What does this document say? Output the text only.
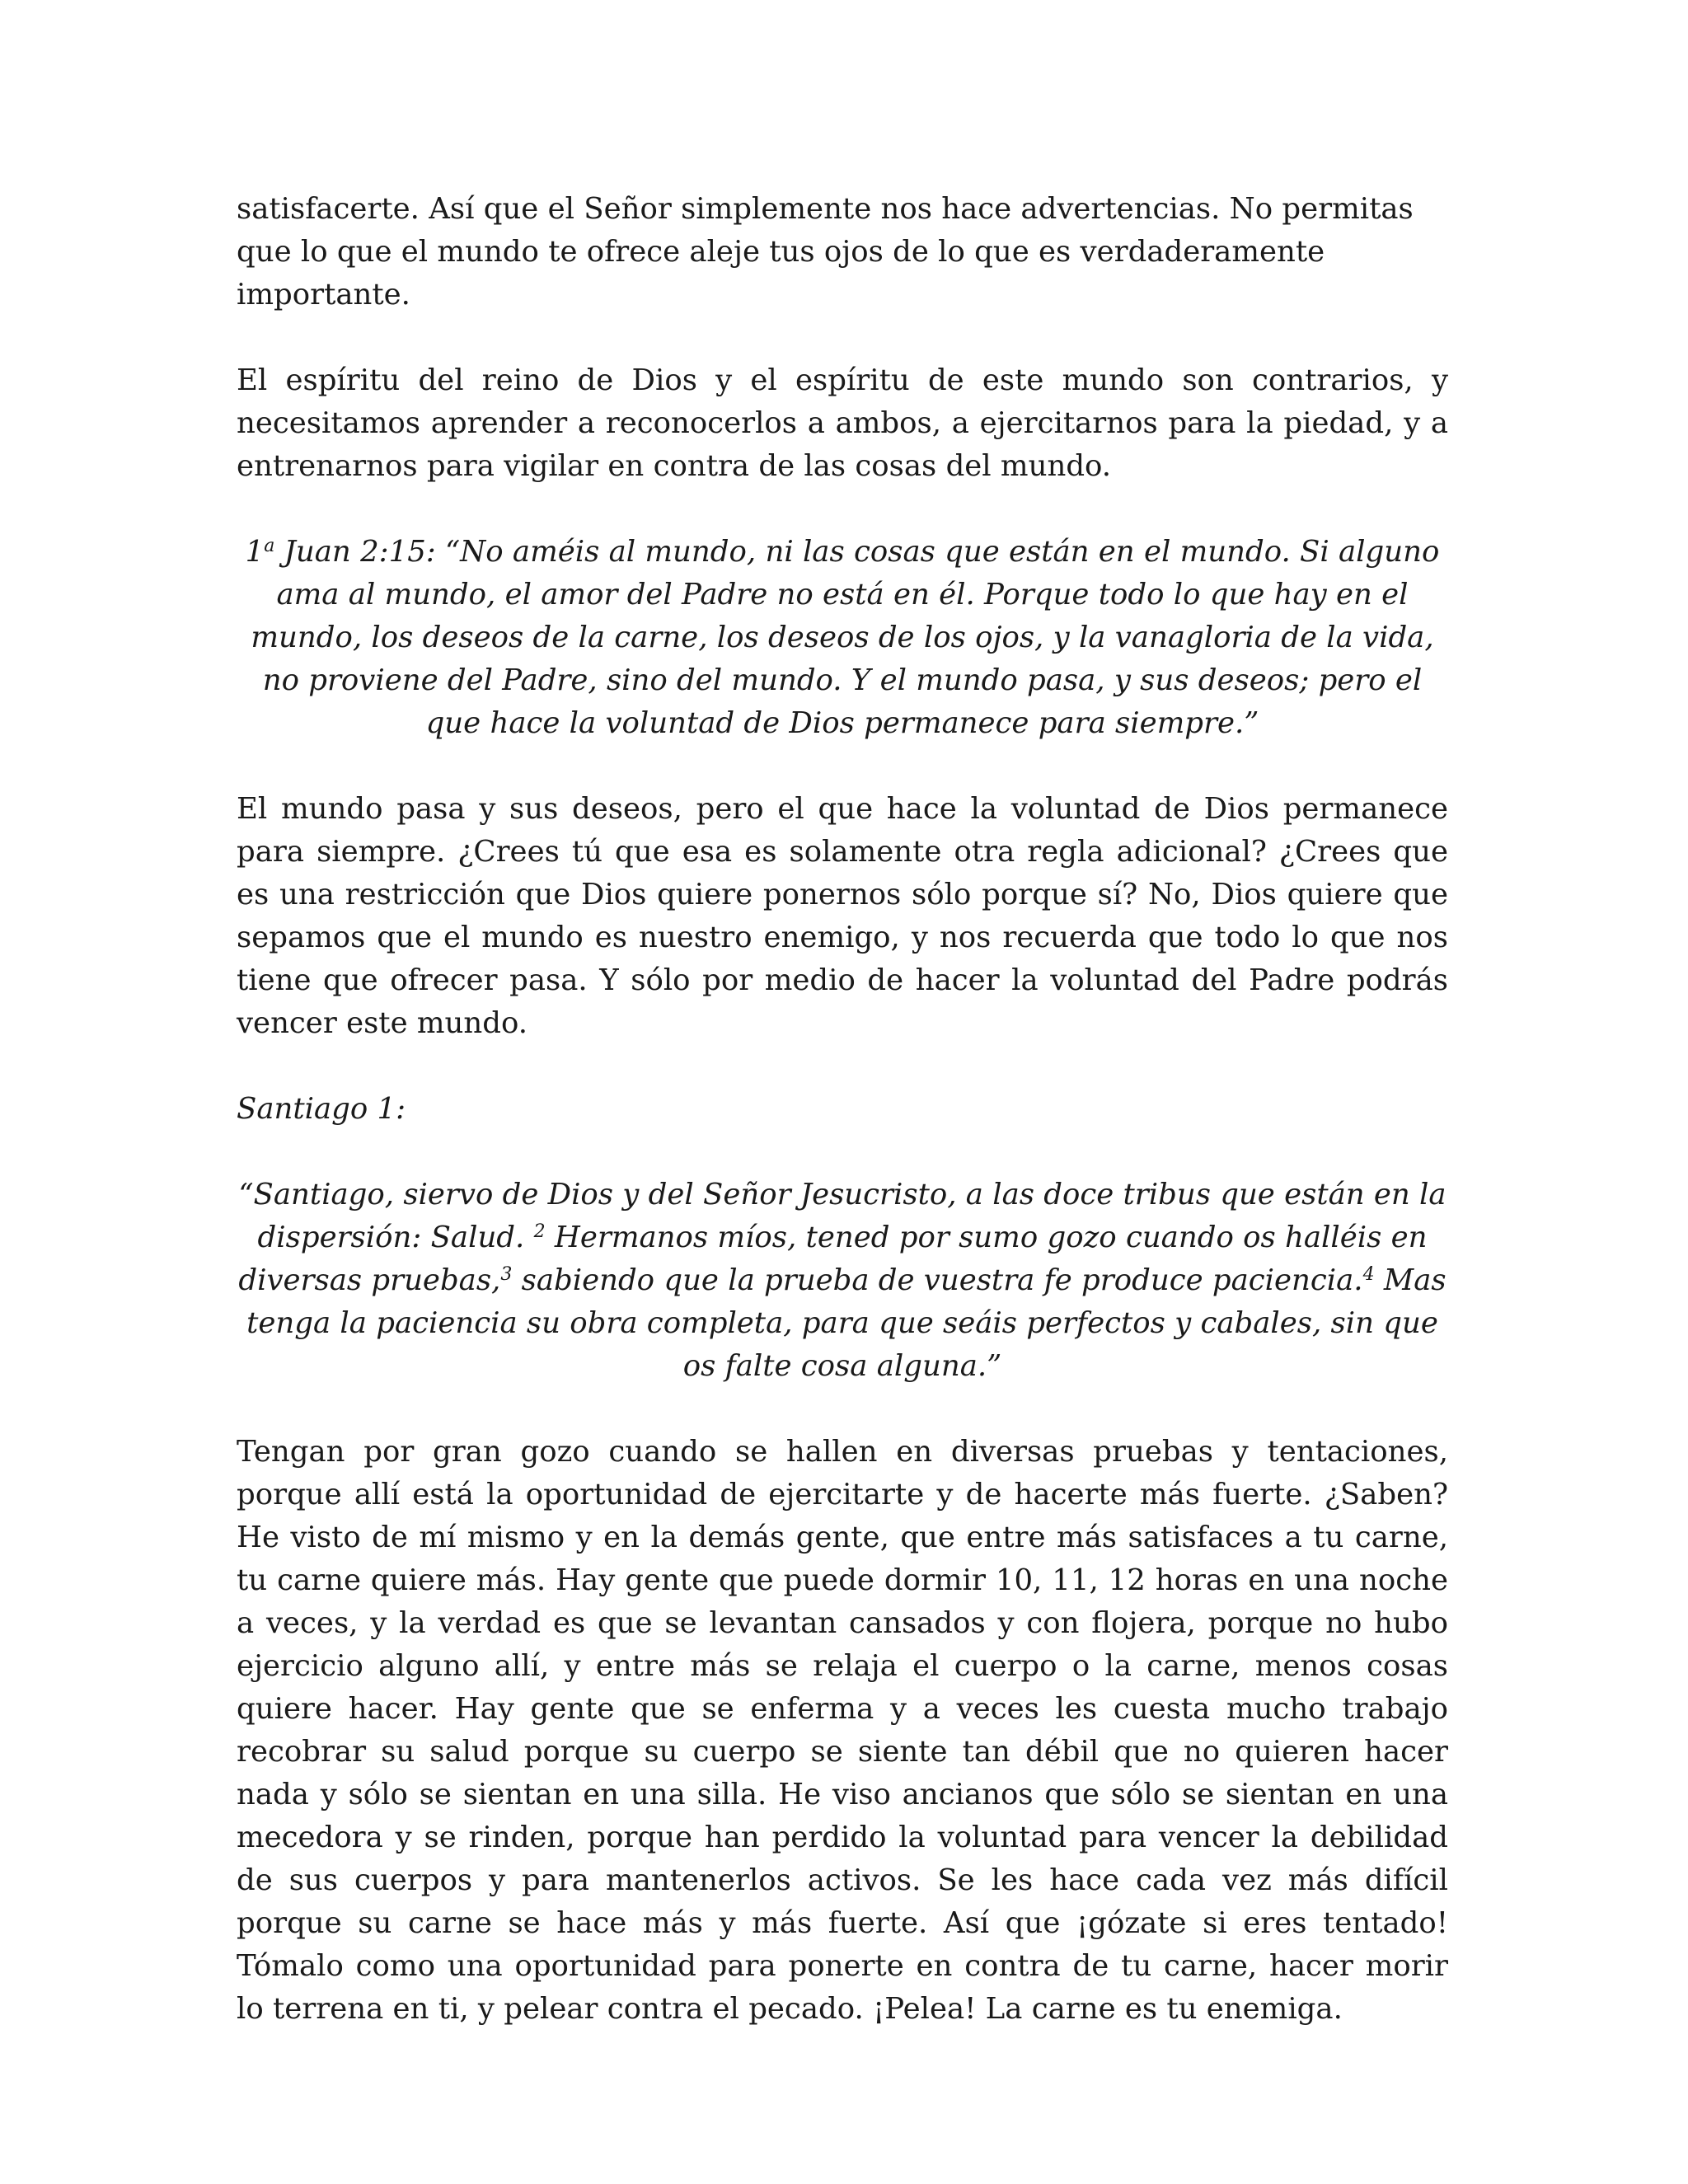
satisfacerte. Así que el Señor simplemente nos hace advertencias. No permitas que lo que el mundo te ofrece aleje tus ojos de lo que es verdaderamente importante.

El espíritu del reino de Dios y el espíritu de este mundo son contrarios, y necesitamos aprender a reconocerlos a ambos, a ejercitarnos para la piedad, y a entrenarnos para vigilar en contra de las cosas del mundo.

1$^a$ Juan 2:15: “No améis al mundo, ni las cosas que están en el mundo. Si alguno ama al mundo, el amor del Padre no está en él. Porque todo lo que hay en el mundo, los deseos de la carne, los deseos de los ojos, y la vanagloria de la vida, no proviene del Padre, sino del mundo. Y el mundo pasa, y sus deseos; pero el que hace la voluntad de Dios permanece para siempre.”

El mundo pasa y sus deseos, pero el que hace la voluntad de Dios permanece para siempre. ¿Crees tú que esa es solamente otra regla adicional? ¿Crees que es una restricción que Dios quiere ponernos sólo porque sí? No, Dios quiere que sepamos que el mundo es nuestro enemigo, y nos recuerda que todo lo que nos tiene que ofrecer pasa. Y sólo por medio de hacer la voluntad del Padre podrás vencer este mundo.

Santiago 1:

“Santiago, siervo de Dios y del Señor Jesucristo, a las doce tribus que están en la dispersión: Salud. $^2$ Hermanos míos, tened por sumo gozo cuando os halléis en diversas pruebas,$^3$ sabiendo que la prueba de vuestra fe produce paciencia.$^4$ Mas tenga la paciencia su obra completa, para que seáis perfectos y cabales, sin que os falte cosa alguna.”

Tengan por gran gozo cuando se hallen en diversas pruebas y tentaciones, porque allí está la oportunidad de ejercitarte y de hacerte más fuerte. ¿Saben? He visto de mí mismo y en la demás gente, que entre más satisfaces a tu carne, tu carne quiere más. Hay gente que puede dormir 10, 11, 12 horas en una noche a veces, y la verdad es que se levantan cansados y con flojera, porque no hubo ejercicio alguno allí, y entre más se relaja el cuerpo o la carne, menos cosas quiere hacer. Hay gente que se enferma y a veces les cuesta mucho trabajo recobrar su salud porque su cuerpo se siente tan débil que no quieren hacer nada y sólo se sientan en una silla. He viso ancianos que sólo se sientan en una mecedora y se rinden, porque han perdido la voluntad para vencer la debilidad de sus cuerpos y para mantenerlos activos. Se les hace cada vez más difícil porque su carne se hace más y más fuerte. Así que ¡gózate si eres tentado! Tómalo como una oportunidad para ponerte en contra de tu carne, hacer morir lo terrena en ti, y pelear contra el pecado. ¡Pelea! La carne es tu enemiga.
